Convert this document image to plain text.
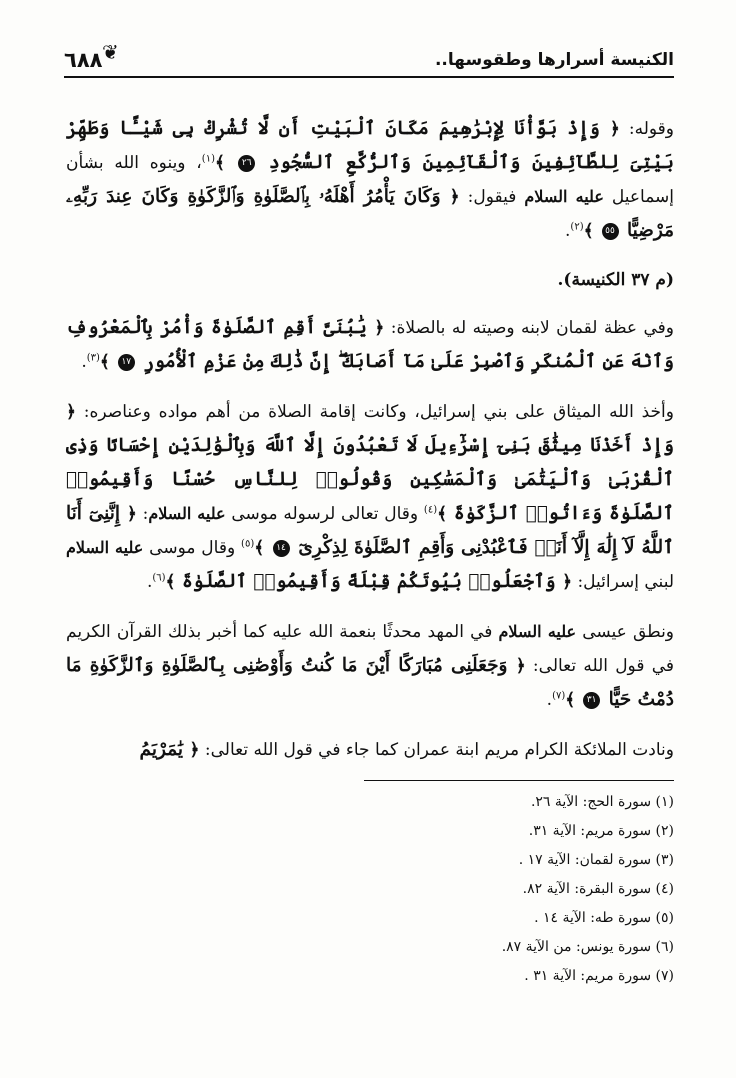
الكنيسة أسرارها وطقوسها..
❦
٦٨٨

وقوله: ﴿ وَإِذْ بَوَّأْنَا لِإِبْرَٰهِيمَ مَكَانَ ٱلْبَيْتِ أَن لَّا تُشْرِكْ بِى شَيْـًٔا وَطَهِّرْ بَيْتِىَ لِلطَّآئِفِينَ وَٱلْقَآئِمِينَ وَٱلرُّكَّعِ ٱلسُّجُودِ ٢٦ ﴾$^{(١)}$، وينوه الله بشأن إسماعيل عليه السلام فيقول: ﴿ وَكَانَ يَأْمُرُ أَهْلَهُۥ بِٱلصَّلَوٰةِ وَٱلزَّكَوٰةِ وَكَانَ عِندَ رَبِّهِۦ مَرْضِيًّا ٥٥ ﴾$^{(٢)}$.

(م ٣٧ الكنيسة).

وفي عظة لقمان لابنه وصيته له بالصلاة: ﴿ يَٰبُنَىَّ أَقِمِ ٱلصَّلَوٰةَ وَأْمُرْ بِٱلْمَعْرُوفِ وَٱنْهَ عَنِ ٱلْمُنكَرِ وَٱصْبِرْ عَلَىٰ مَآ أَصَابَكَ ۖ إِنَّ ذَٰلِكَ مِنْ عَزْمِ ٱلْأُمُورِ ١٧ ﴾$^{(٣)}$.

وأخذ الله الميثاق على بني إسرائيل، وكانت إقامة الصلاة من أهم مواده وعناصره: ﴿ وَإِذْ أَخَذْنَا مِيثَٰقَ بَنِىٓ إِسْرَٰٓءِيلَ لَا تَعْبُدُونَ إِلَّا ٱللَّهَ وَبِٱلْوَٰلِدَيْنِ إِحْسَانًا وَذِى ٱلْقُرْبَىٰ وَٱلْيَتَٰمَىٰ وَٱلْمَسَٰكِينِ وَقُولُوا۟ لِلنَّاسِ حُسْنًا وَأَقِيمُوا۟ ٱلصَّلَوٰةَ وَءَاتُوا۟ ٱلزَّكَوٰةَ ﴾$^{(٤)}$ وقال تعالى لرسوله موسى عليه السلام: ﴿ إِنَّنِىٓ أَنَا ٱللَّهُ لَآ إِلَٰهَ إِلَّآ أَنَا۠ فَٱعْبُدْنِى وَأَقِمِ ٱلصَّلَوٰةَ لِذِكْرِىٓ ١٤ ﴾$^{(٥)}$ وقال موسى عليه السلام لبني إسرائيل: ﴿ وَٱجْعَلُوا۟ بُيُوتَكُمْ قِبْلَةً وَأَقِيمُوا۟ ٱلصَّلَوٰةَ ﴾$^{(٦)}$.

ونطق عيسى عليه السلام في المهد محدثًا بنعمة الله عليه كما أخبر بذلك القرآن الكريم في قول الله تعالى: ﴿ وَجَعَلَنِى مُبَارَكًا أَيْنَ مَا كُنتُ وَأَوْصَٰنِى بِٱلصَّلَوٰةِ وَٱلزَّكَوٰةِ مَا دُمْتُ حَيًّا ٣١ ﴾$^{(٧)}$.

ونادت الملائكة الكرام مريم ابنة عمران كما جاء في قول الله تعالى: ﴿ يَٰمَرْيَمُ

(١) سورة الحج: الآية ٢٦.
(٢) سورة مريم: الآية ٣١.
(٣) سورة لقمان: الآية ١٧ .
(٤) سورة البقرة: الآية ٨٢.
(٥) سورة طه: الآية ١٤ .
(٦) سورة يونس: من الآية ٨٧.
(٧) سورة مريم: الآية ٣١ .
